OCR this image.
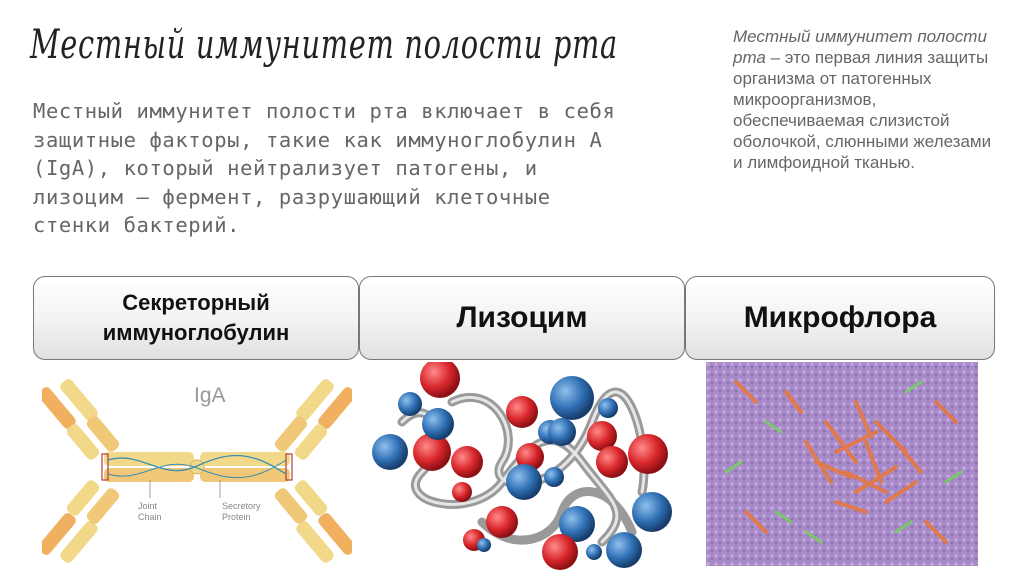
Местный иммунитет полости рта
Местный иммунитет полости рта включает в себя защитные факторы, такие как иммуноглобулин A (IgA), который нейтрализует патогены, и лизоцим – фермент, разрушающий клеточные стенки бактерий.
Местный иммунитет полости рта – это первая линия защиты организма от патогенных микроорганизмов, обеспечиваемая слизистой оболочкой, слюнными железами и лимфоидной тканью.
Секреторный
иммуноглобулин	Лизоцим	Микрофлора
IgA
Joint
Chain
Secretory
Protein
